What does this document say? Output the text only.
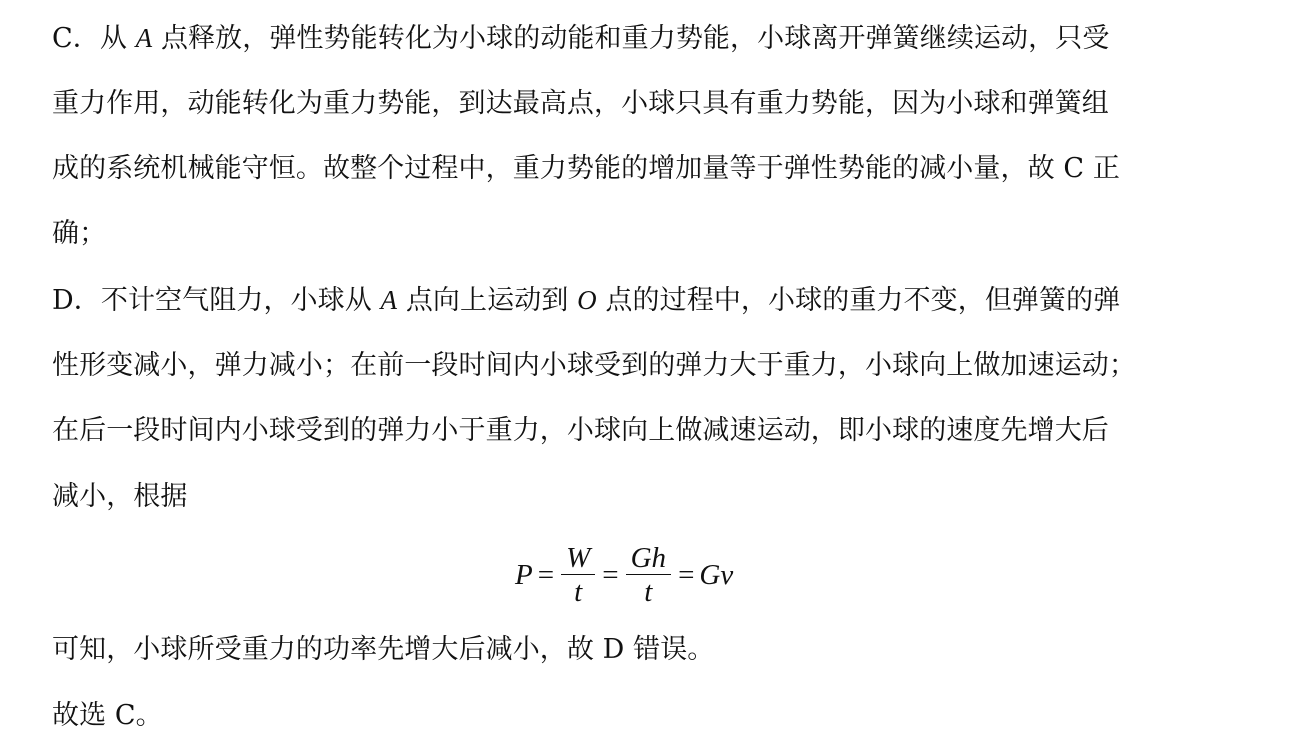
C．从 A 点释放，弹性势能转化为小球的动能和重力势能，小球离开弹簧继续运动，只受
重力作用，动能转化为重力势能，到达最高点，小球只具有重力势能，因为小球和弹簧组
成的系统机械能守恒。故整个过程中，重力势能的增加量等于弹性势能的减小量，故 C 正
确；
D．不计空气阻力，小球从 A 点向上运动到 O 点的过程中，小球的重力不变，但弹簧的弹
性形变减小，弹力减小；在前一段时间内小球受到的弹力大于重力，小球向上做加速运动；
在后一段时间内小球受到的弹力小于重力，小球向上做减速运动，即小球的速度先增大后
减小，根据
$P = \frac{W}{t} = \frac{Gh}{t} = Gv$
可知，小球所受重力的功率先增大后减小，故 D 错误。
故选 C。
